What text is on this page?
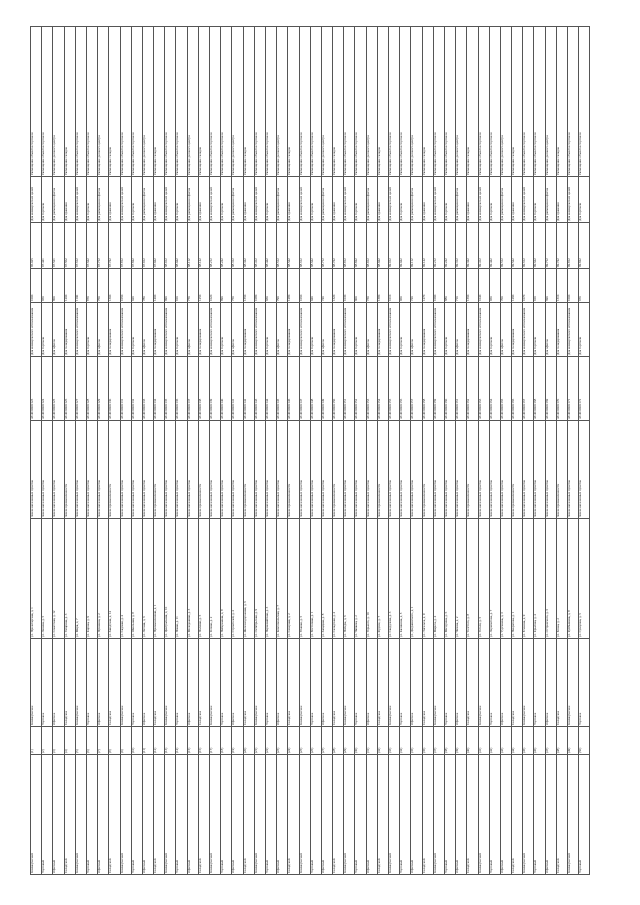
Коммерческий	(1)	Коммерческое	ул. Пролетарская, д. 1	Земли населенных пунктов	43:40:0000:123	Для коммерческого использования	1000	96.025	Для коммерческих целей	Размещение объектов торговли
Торговый	(2)	Торговое	ул. Ленина, д. 5	Земли населенных пунктов	43:40:0000:124	Для торговли	950	97.441	Для торговли	Размещение объектов торговли
Офисный	(3)	Офисное	ул. Советская, д. 12	Земли населенных пунктов	43:40:0000:125	Для офисов	800	97.521	Для размещения офисов	Размещение делового центра
Складской	(4)	Складское	ул. Гагарина, д. 3	Земли промышленности	43:40:0000:126	Для складирования	1200	97.562	Для хранения	Размещение складов
Коммерческий	(5)	Коммерческое	ул. Мира, д. 7	Земли населенных пунктов	43:40:0000:127	Для коммерческого использования	1100	97.612	Для коммерческих целей	Размещение объектов торговли
Торговый	(6)	Торговое	ул. Кирова, д. 9	Земли населенных пунктов	43:40:0000:128	Для торговли	870	97.642	Для торговли	Размещение объектов торговли
Офисный	(7)	Офисное	ул. Пушкина, д. 2	Земли населенных пунктов	43:40:0000:129	Для офисов	760	97.712	Для размещения офисов	Размещение делового центра
Складской	(8)	Складское	ул. Заводская, д. 14	Земли промышленности	43:40:0000:130	Для складирования	1300	97.742	Для хранения	Размещение складов
Коммерческий	(9)	Коммерческое	ул. Садовая, д. 4	Земли населенных пунктов	43:40:0000:131	Для коммерческого использования	1050	97.812	Для коммерческих целей	Размещение объектов торговли
Торговый	(10)	Торговое	ул. Школьная, д. 8	Земли населенных пунктов	43:40:0000:132	Для торговли	920	97.842	Для торговли	Размещение объектов торговли
Офисный	(11)	Офисное	ул. Лесная, д. 6	Земли населенных пунктов	43:40:0000:133	Для офисов	780	97.912	Для размещения офисов	Размещение делового центра
Складской	(12)	Складское	ул. Промышленная, д. 1	Земли промышленности	43:40:0000:134	Для складирования	1400	97.942	Для хранения	Размещение складов
Коммерческий	(13)	Коммерческое	ул. Центральная, д. 10	Земли населенных пунктов	43:40:0000:135	Для коммерческого использования	990	98.012	Для коммерческих целей	Размещение объектов торговли
Торговый	(14)	Торговое	ул. Новая, д. 11	Земли населенных пунктов	43:40:0000:136	Для торговли	910	98.042	Для торговли	Размещение объектов торговли
Офисный	(15)	Офисное	ул. Молодежная, д. 3	Земли населенных пунктов	43:40:0000:137	Для офисов	770	98.112	Для размещения офисов	Размещение делового центра
Складской	(16)	Складское	ул. Полевая, д. 5	Земли промышленности	43:40:0000:138	Для складирования	1250	98.142	Для хранения	Размещение складов
Коммерческий	(17)	Коммерческое	ул. Речная, д. 2	Земли населенных пунктов	43:40:0000:139	Для коммерческого использования	1020	98.212	Для коммерческих целей	Размещение объектов торговли
Торговый	(18)	Торговое	ул. Набережная, д. 8	Земли населенных пунктов	43:40:0000:140	Для торговли	890	98.242	Для торговли	Размещение объектов торговли
Офисный	(19)	Офисное	ул. Строителей, д. 4	Земли населенных пунктов	43:40:0000:141	Для офисов	750	98.312	Для размещения офисов	Размещение делового центра
Складской	(20)	Складское	ул. Железнодорожная, д. 6	Земли промышленности	43:40:0000:142	Для складирования	1350	98.342	Для хранения	Размещение складов
Коммерческий	(21)	Коммерческое	ул. Октябрьская, д. 9	Земли населенных пунктов	43:40:0000:143	Для коммерческого использования	1080	98.412	Для коммерческих целей	Размещение объектов торговли
Торговый	(22)	Торговое	ул. Первомайская, д. 3	Земли населенных пунктов	43:40:0000:144	Для торговли	930	98.442	Для торговли	Размещение объектов торговли
Офисный	(23)	Офисное	ул. Комсомольская, д. 7	Земли населенных пунктов	43:40:0000:145	Для офисов	790	98.512	Для размещения офисов	Размещение делового центра
Складской	(24)	Складское	ул. Северная, д. 2	Земли промышленности	43:40:0000:146	Для складирования	1280	98.542	Для хранения	Размещение складов
Коммерческий	(25)	Коммерческое	ул. Южная, д. 5	Земли населенных пунктов	43:40:0000:147	Для коммерческого использования	1060	98.612	Для коммерческих целей	Размещение объектов торговли
Торговый	(26)	Торговое	ул. Восточная, д. 1	Земли населенных пунктов	43:40:0000:148	Для торговли	940	98.642	Для торговли	Размещение объектов торговли
Офисный	(27)	Офисное	ул. Западная, д. 8	Земли населенных пунктов	43:40:0000:149	Для офисов	740	98.712	Для размещения офисов	Размещение делового центра
Складской	(28)	Складское	ул. Складская, д. 4	Земли промышленности	43:40:0000:150	Для складирования	1320	98.742	Для хранения	Размещение складов
Коммерческий	(29)	Коммерческое	ул. Победы, д. 6	Земли населенных пунктов	43:40:0000:151	Для коммерческого использования	1030	98.812	Для коммерческих целей	Размещение объектов торговли
Торговый	(30)	Торговое	ул. Чапаева, д. 2	Земли населенных пунктов	43:40:0000:152	Для торговли	900	98.842	Для торговли	Размещение объектов торговли
Офисный	(31)	Офисное	ул. Горького, д. 10	Земли населенных пунктов	43:40:0000:153	Для офисов	730	98.912	Для размещения офисов	Размещение делового центра
Складской	(32)	Складское	ул. Фрунзе, д. 7	Земли промышленности	43:40:0000:154	Для складирования	1380	98.942	Для хранения	Размещение складов
Коммерческий	(33)	Коммерческое	ул. Свердлова, д. 3	Земли населенных пунктов	43:40:0000:155	Для коммерческого использования	1010	99.012	Для коммерческих целей	Размещение объектов торговли
Торговый	(34)	Торговое	ул. Калинина, д. 5	Земли населенных пунктов	43:40:0000:156	Для торговли	960	99.042	Для торговли	Размещение объектов торговли
Офисный	(35)	Офисное	ул. Дзержинского, д. 1	Земли населенных пунктов	43:40:0000:157	Для офисов	720	99.112	Для размещения офисов	Размещение делового центра
Складской	(36)	Складское	ул. Энгельса, д. 9	Земли промышленности	43:40:0000:158	Для складирования	1270	99.142	Для хранения	Размещение складов
Коммерческий	(37)	Коммерческое	ул. Маркса, д. 4	Земли населенных пунктов	43:40:0000:159	Для коммерческого использования	1090	99.212	Для коммерческих целей	Размещение объектов торговли
Торговый	(38)	Торговое	ул. Мичурина, д. 6	Земли населенных пунктов	43:40:0000:160	Для торговли	880	99.242	Для торговли	Размещение объектов торговли
Офисный	(39)	Офисное	ул. Чехова, д. 2	Земли населенных пунктов	43:40:0000:161	Для офисов	710	99.312	Для размещения офисов	Размещение делового центра
Складской	(40)	Складское	ул. Толстого, д. 8	Земли промышленности	43:40:0000:162	Для складирования	1360	99.342	Для хранения	Размещение складов
Коммерческий	(41)	Коммерческое	ул. Гоголя, д. 5	Земли населенных пунктов	43:40:0000:163	Для коммерческого использования	1040	99.412	Для коммерческих целей	Размещение объектов торговли
Торговый	(42)	Торговое	ул. Лермонтова, д. 7	Земли населенных пунктов	43:40:0000:164	Для торговли	950	99.442	Для торговли	Размещение объектов торговли
Офисный	(43)	Офисное	ул. Тургенева, д. 3	Земли населенных пунктов	43:40:0000:165	Для офисов	700	99.512	Для размещения офисов	Размещение делового центра
Складской	(44)	Складское	ул. Некрасова, д. 1	Земли промышленности	43:40:0000:166	Для складирования	1290	99.542	Для хранения	Размещение складов
Коммерческий	(45)	Коммерческое	ул. Есенина, д. 9	Земли населенных пунктов	43:40:0000:167	Для коммерческого использования	1070	99.612	Для коммерческих целей	Размещение объектов торговли
Торговый	(46)	Торговое	ул. Крылова, д. 4	Земли населенных пунктов	43:40:0000:168	Для торговли	910	99.642	Для торговли	Размещение объектов торговли
Офисный	(47)	Офисное	ул. Островского, д. 6	Земли населенных пунктов	43:40:0000:169	Для офисов	690	99.712	Для размещения офисов	Размещение делового центра
Складской	(48)	Складское	ул. Блока, д. 2	Земли промышленности	43:40:0000:170	Для складирования	1310	99.742	Для хранения	Размещение складов
Коммерческий	(49)	Коммерческое	ул. Куйбышева, д. 8	Земли населенных пунктов	43:40:0000:171	Для коммерческого использования	1000	99.812	Для коммерческих целей	Размещение объектов торговли
Торговый	(50)	Торговое	ул. Суворова, д. 5	Земли населенных пунктов	43:40:0000:172	Для торговли	970	99.842	Для торговли	Размещение объектов торговли
